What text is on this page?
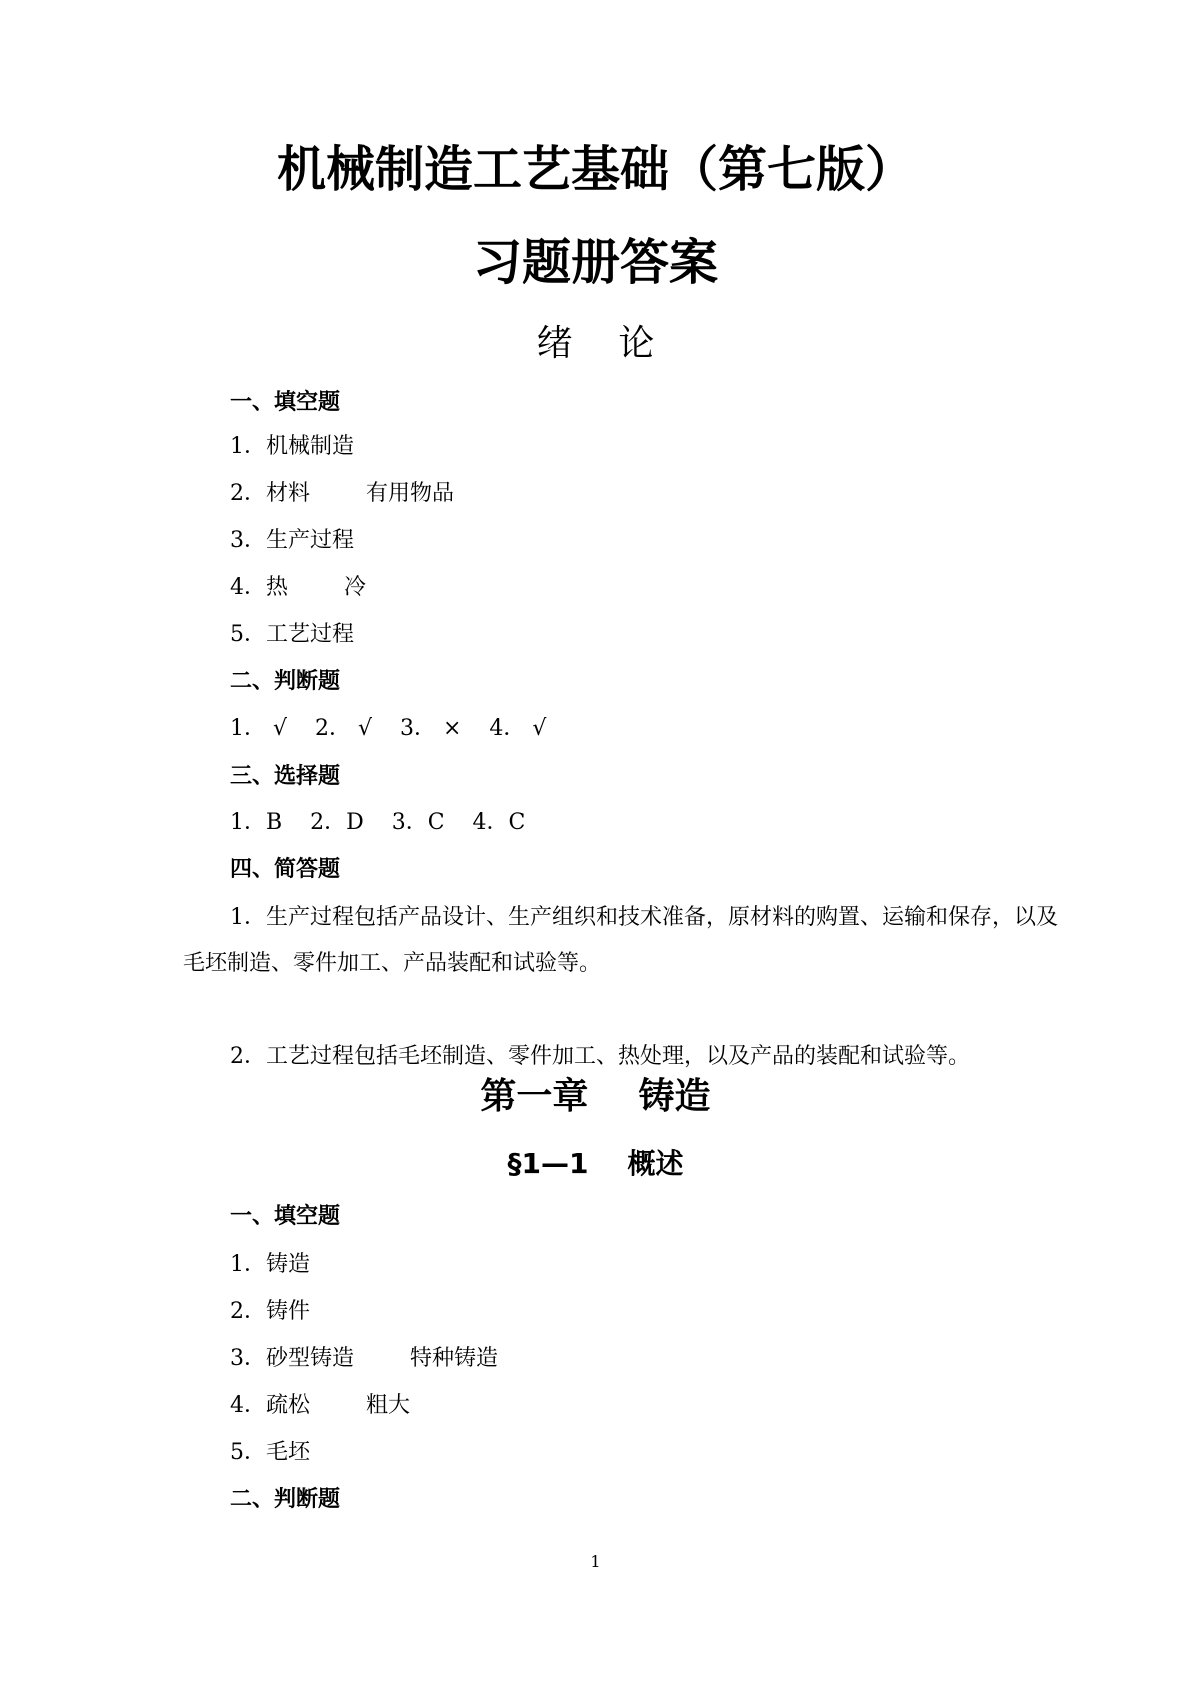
机械制造工艺基础（第七版）
习题册答案
绪    论
一、填空题
1．机械制造
2．材料        有用物品
3．生产过程
4．热        冷
5．工艺过程
二、判断题
1． √    2． √    3． ×    4． √
三、选择题
1．B    2．D    3．C    4．C
四、简答题
1．生产过程包括产品设计、生产组织和技术准备，原材料的购置、运输和保存，以及毛坯制造、零件加工、产品装配和试验等。
2．工艺过程包括毛坯制造、零件加工、热处理，以及产品的装配和试验等。
第一章    铸造
§1—1    概述
一、填空题
1．铸造
2．铸件
3．砂型铸造        特种铸造
4．疏松        粗大
5．毛坯
二、判断题
1
